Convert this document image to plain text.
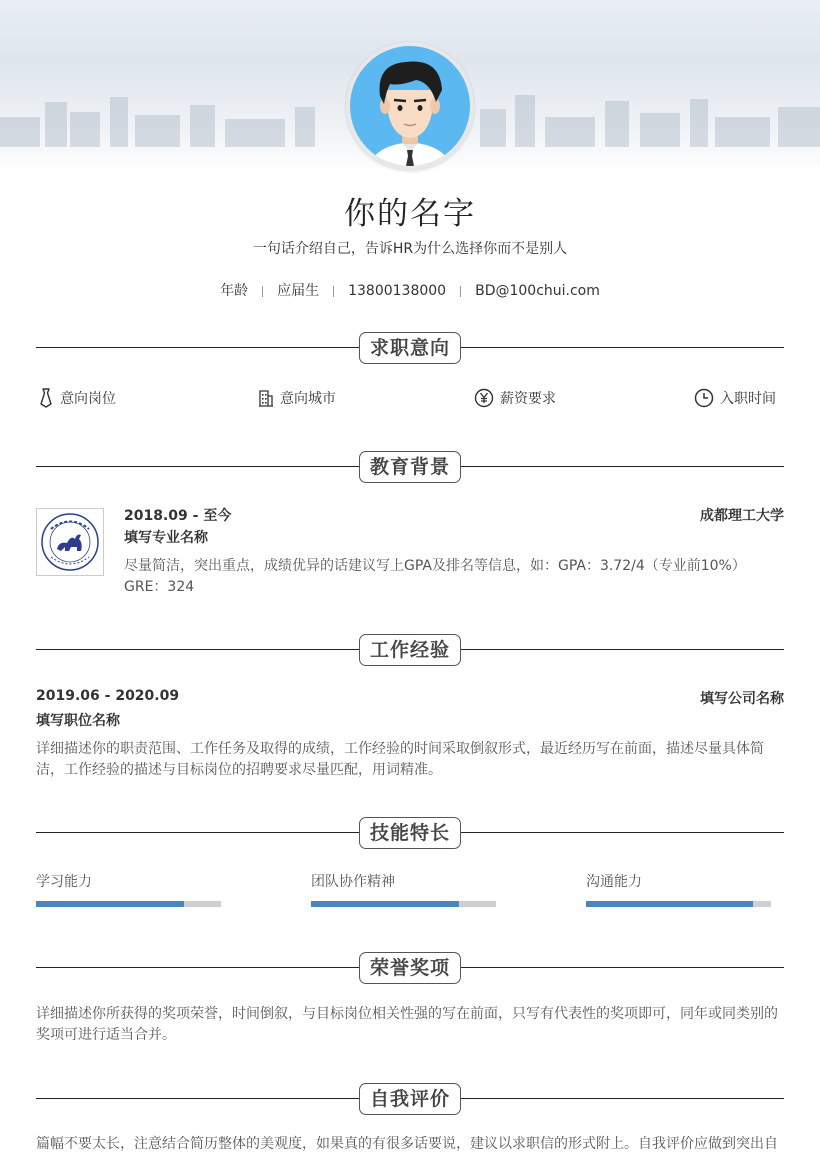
你的名字
一句话介绍自己，告诉HR为什么选择你而不是别人
年龄 应届生 13800138000 BD@100chui.com
求职意向
意向岗位	意向城市	薪资要求	入职时间
教育背景
2018.09 - 至今
填写专业名称
成都理工大学
尽量简洁，突出重点，成绩优异的话建议写上GPA及排名等信息，如：GPA：3.72/4（专业前10%） GRE：324
工作经验
2019.06 - 2020.09
填写职位名称
填写公司名称
详细描述你的职责范围、工作任务及取得的成绩，工作经验的时间采取倒叙形式，最近经历写在前面，描述尽量具体简洁，工作经验的描述与目标岗位的招聘要求尽量匹配，用词精准。
技能特长
学习能力	团队协作精神	沟通能力
荣誉奖项
详细描述你所获得的奖项荣誉，时间倒叙，与目标岗位相关性强的写在前面，只写有代表性的奖项即可，同年或同类别的奖项可进行适当合并。
自我评价
篇幅不要太长，注意结合简历整体的美观度，如果真的有很多话要说，建议以求职信的形式附上。自我评价应做到突出自
